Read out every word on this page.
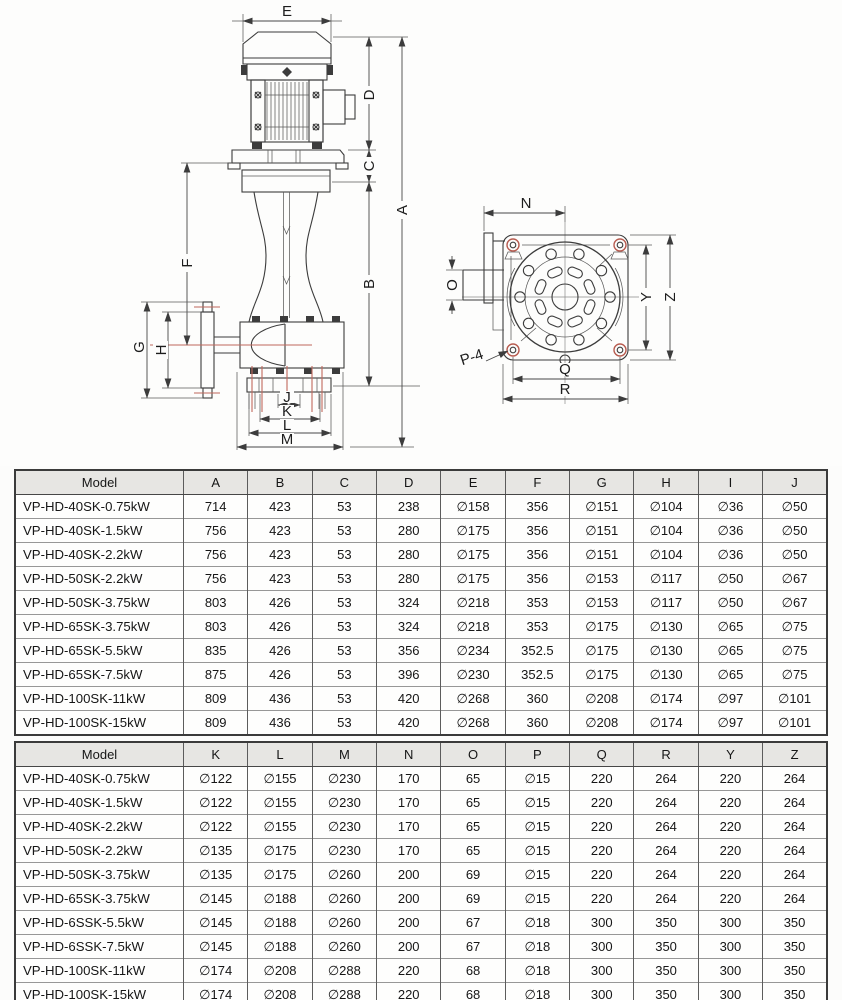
E
D
C
A
B
F
G H
J
K
L
M
N
O
Y Z
Q
R
P-4
Model	A	B	C	D	E	F	G	H	I	J
VP-HD-40SK-0.75kW	714	423	53	238	∅158	356	∅151	∅104	∅36	∅50
VP-HD-40SK-1.5kW	756	423	53	280	∅175	356	∅151	∅104	∅36	∅50
VP-HD-40SK-2.2kW	756	423	53	280	∅175	356	∅151	∅104	∅36	∅50
VP-HD-50SK-2.2kW	756	423	53	280	∅175	356	∅153	∅117	∅50	∅67
VP-HD-50SK-3.75kW	803	426	53	324	∅218	353	∅153	∅117	∅50	∅67
VP-HD-65SK-3.75kW	803	426	53	324	∅218	353	∅175	∅130	∅65	∅75
VP-HD-65SK-5.5kW	835	426	53	356	∅234	352.5	∅175	∅130	∅65	∅75
VP-HD-65SK-7.5kW	875	426	53	396	∅230	352.5	∅175	∅130	∅65	∅75
VP-HD-100SK-11kW	809	436	53	420	∅268	360	∅208	∅174	∅97	∅101
VP-HD-100SK-15kW	809	436	53	420	∅268	360	∅208	∅174	∅97	∅101
Model	K	L	M	N	O	P	Q	R	Y	Z
VP-HD-40SK-0.75kW	∅122	∅155	∅230	170	65	∅15	220	264	220	264
VP-HD-40SK-1.5kW	∅122	∅155	∅230	170	65	∅15	220	264	220	264
VP-HD-40SK-2.2kW	∅122	∅155	∅230	170	65	∅15	220	264	220	264
VP-HD-50SK-2.2kW	∅135	∅175	∅230	170	65	∅15	220	264	220	264
VP-HD-50SK-3.75kW	∅135	∅175	∅260	200	69	∅15	220	264	220	264
VP-HD-65SK-3.75kW	∅145	∅188	∅260	200	69	∅15	220	264	220	264
VP-HD-6SSK-5.5kW	∅145	∅188	∅260	200	67	∅18	300	350	300	350
VP-HD-6SSK-7.5kW	∅145	∅188	∅260	200	67	∅18	300	350	300	350
VP-HD-100SK-11kW	∅174	∅208	∅288	220	68	∅18	300	350	300	350
VP-HD-100SK-15kW	∅174	∅208	∅288	220	68	∅18	300	350	300	350
